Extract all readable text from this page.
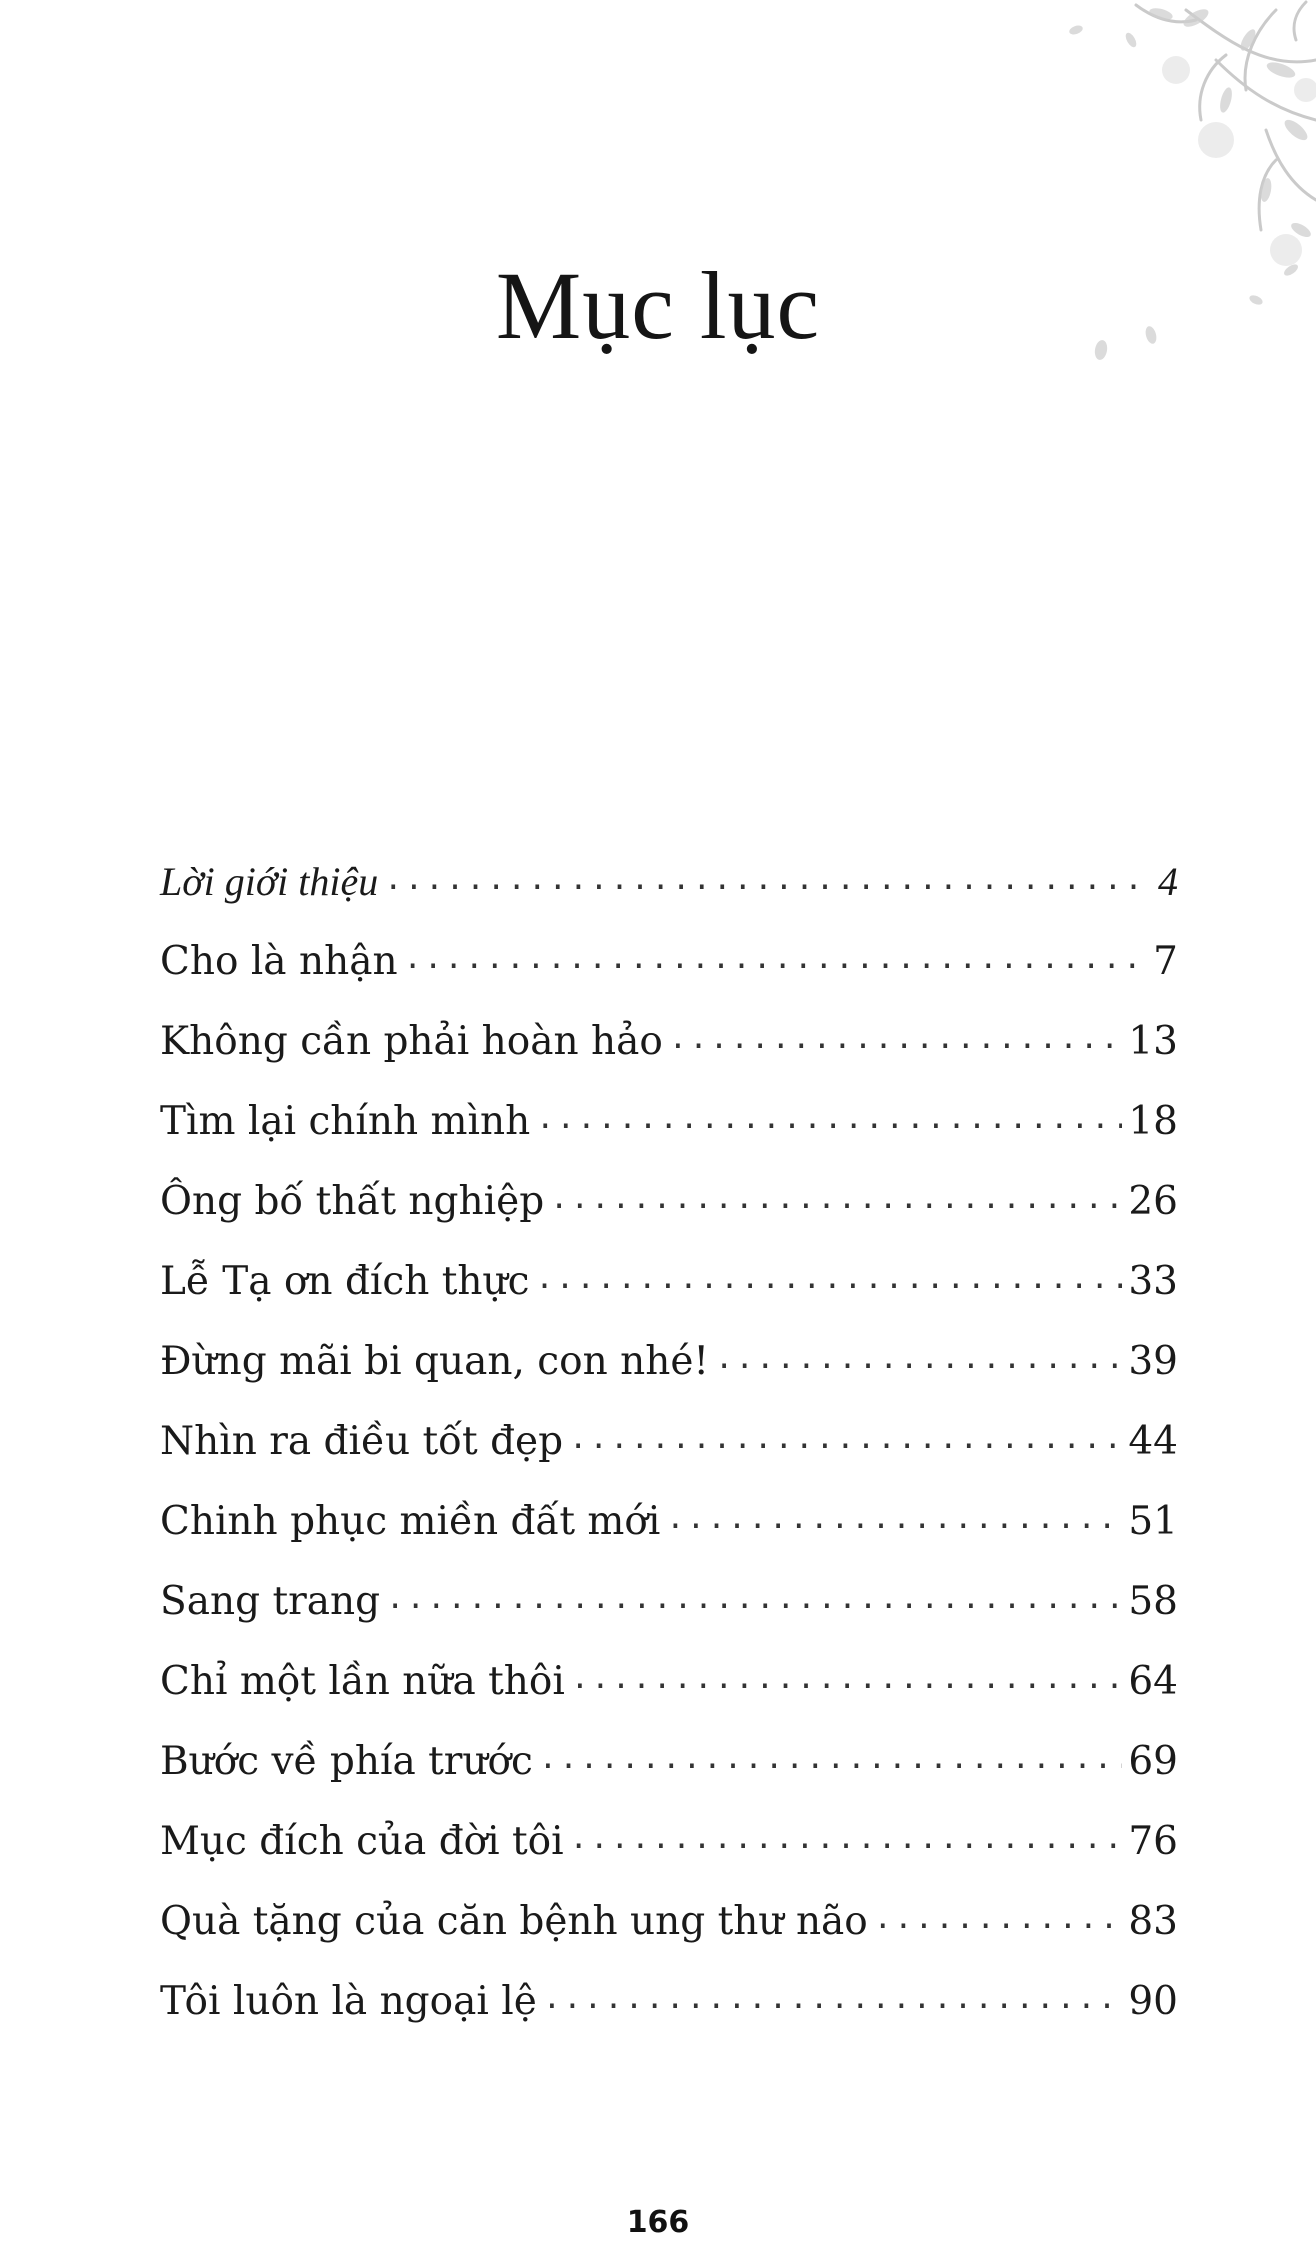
Mục lục
Lời giới thiệu .....	4
Cho là nhận .....	7
Không cần phải hoàn hảo .....	13
Tìm lại chính mình .....	18
Ông bố thất nghiệp .....	26
Lễ Tạ ơn đích thực .....	33
Đừng mãi bi quan, con nhé! .....	39
Nhìn ra điều tốt đẹp .....	44
Chinh phục miền đất mới .....	51
Sang trang .....	58
Chỉ một lần nữa thôi .....	64
Bước về phía trước .....	69
Mục đích của đời tôi .....	76
Quà tặng của căn bệnh ung thư não .....	83
Tôi luôn là ngoại lệ .....	90
166
